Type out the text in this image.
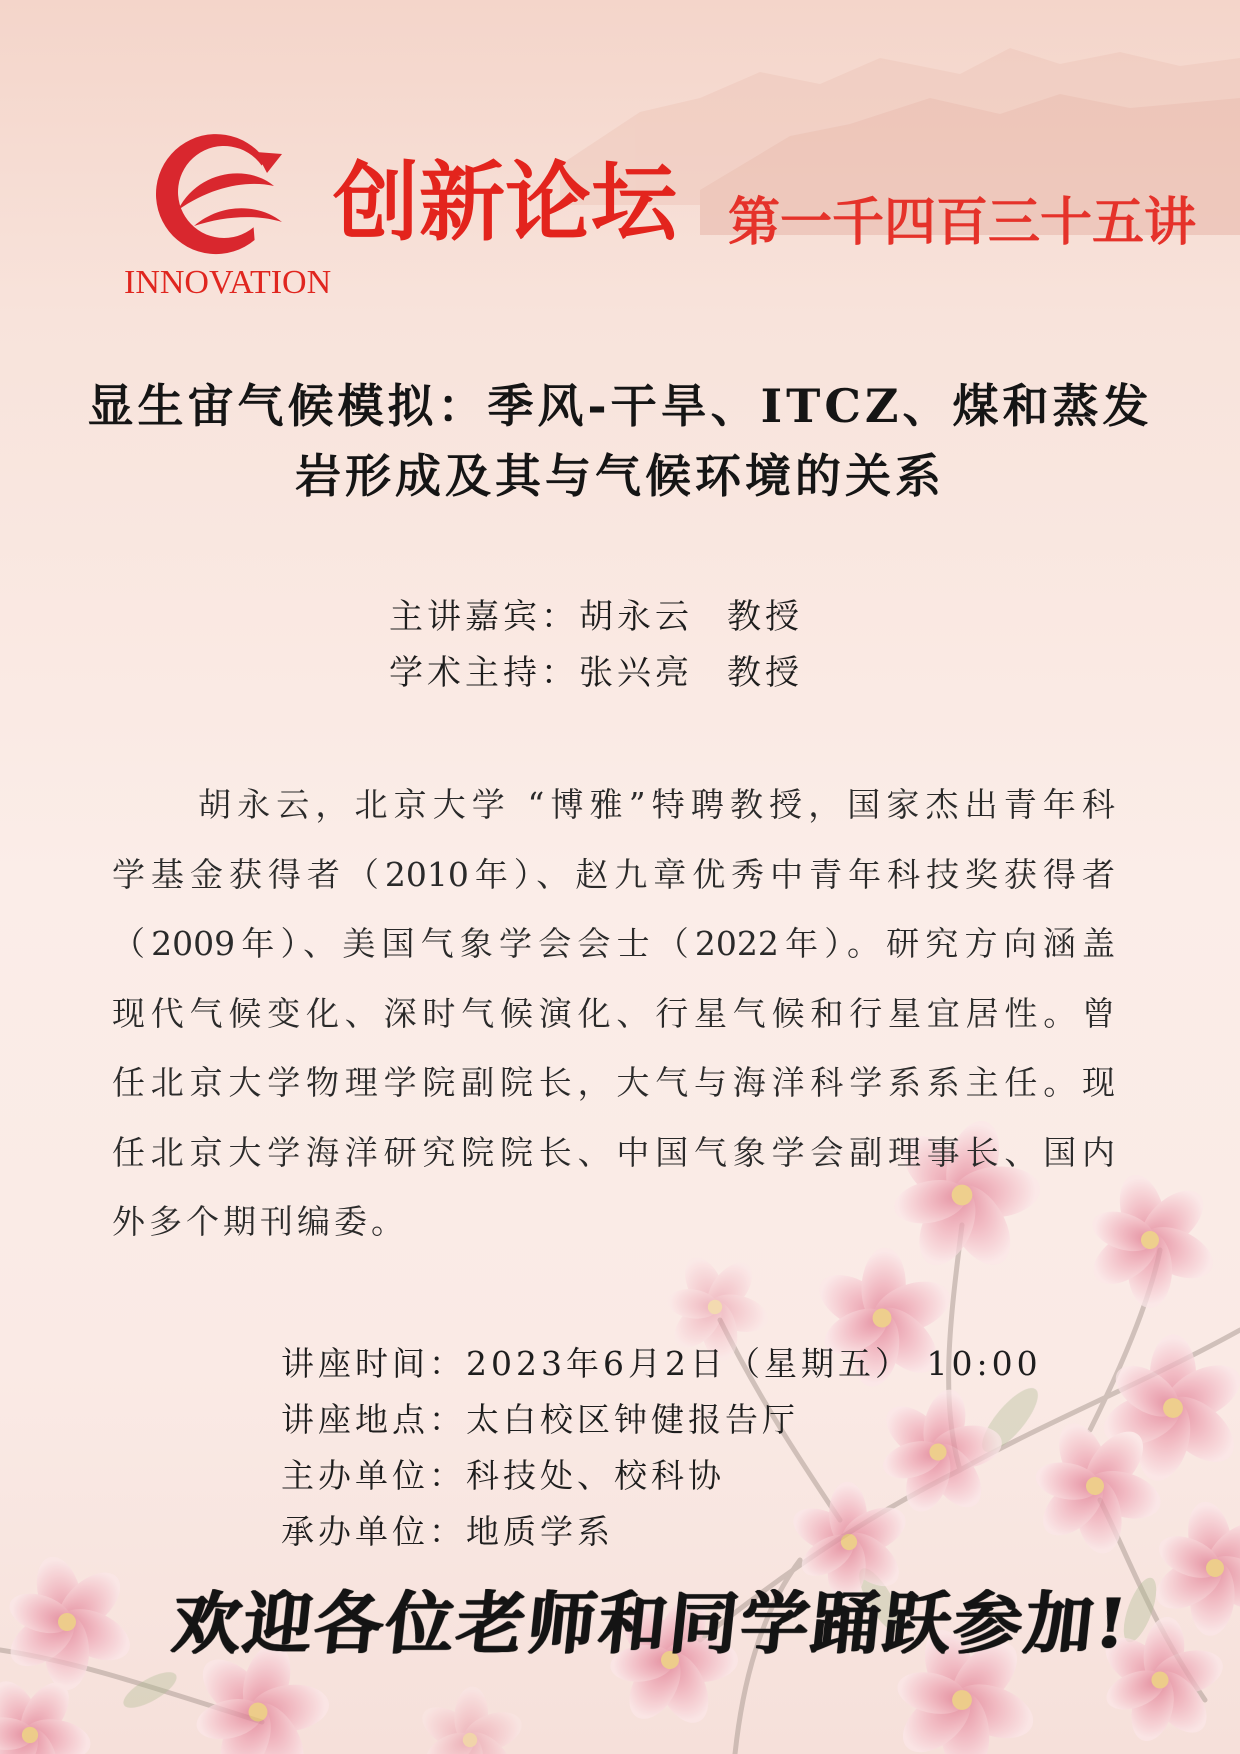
INNOVATION
创新论坛 第一千四百三十五讲
显生宙气候模拟：季风-干旱、ITCZ、煤和蒸发
岩形成及其与气候环境的关系
主讲嘉宾：胡永云 教授
学术主持：张兴亮 教授
胡永云，北京大学 “博雅”特聘教授，国家杰出青年科
学基金获得者（2010年）、赵九章优秀中青年科技奖获得者
（2009年）、美国气象学会会士（2022年）。研究方向涵盖
现代气候变化、深时气候演化、行星气候和行星宜居性。曾
任北京大学物理学院副院长，大气与海洋科学系系主任。现
任北京大学海洋研究院院长、中国气象学会副理事长、国内
外多个期刊编委。
讲座时间：2023年6月2日（星期五） 10:00
讲座地点：太白校区钟健报告厅
主办单位：科技处、校科协
承办单位：地质学系
欢迎各位老师和同学踊跃参加!
